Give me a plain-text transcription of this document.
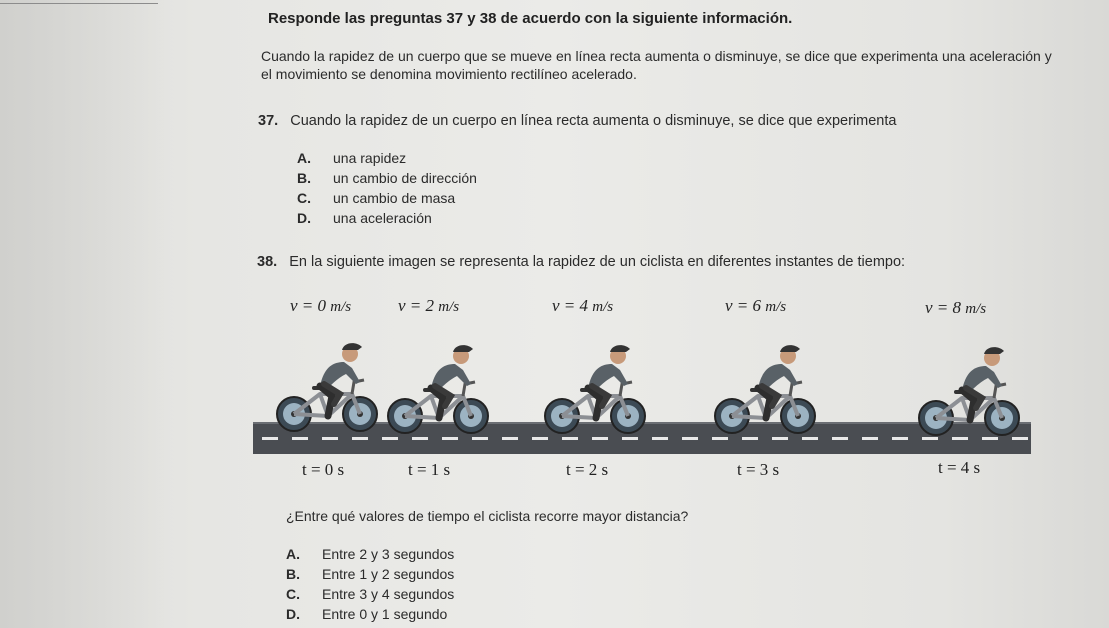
Responde las preguntas 37 y 38 de acuerdo con la siguiente información.
Cuando la rapidez de un cuerpo que se mueve en línea recta aumenta o disminuye, se dice que experimenta una aceleración y el movimiento se denomina movimiento rectilíneo acelerado.
37. Cuando la rapidez de un cuerpo en línea recta aumenta o disminuye, se dice que experimenta
A. una rapidez
B. un cambio de dirección
C. un cambio de masa
D. una aceleración
38. En la siguiente imagen se representa la rapidez de un ciclista en diferentes instantes de tiempo:
v = 0 m/s	v = 2 m/s	v = 4 m/s	v = 6 m/s	v = 8 m/s
t = 0 s	t = 1 s	t = 2 s	t = 3 s	t = 4 s
¿Entre qué valores de tiempo el ciclista recorre mayor distancia?
A. Entre 2 y 3 segundos
B. Entre 1 y 2 segundos
C. Entre 3 y 4 segundos
D. Entre 0 y 1 segundo
